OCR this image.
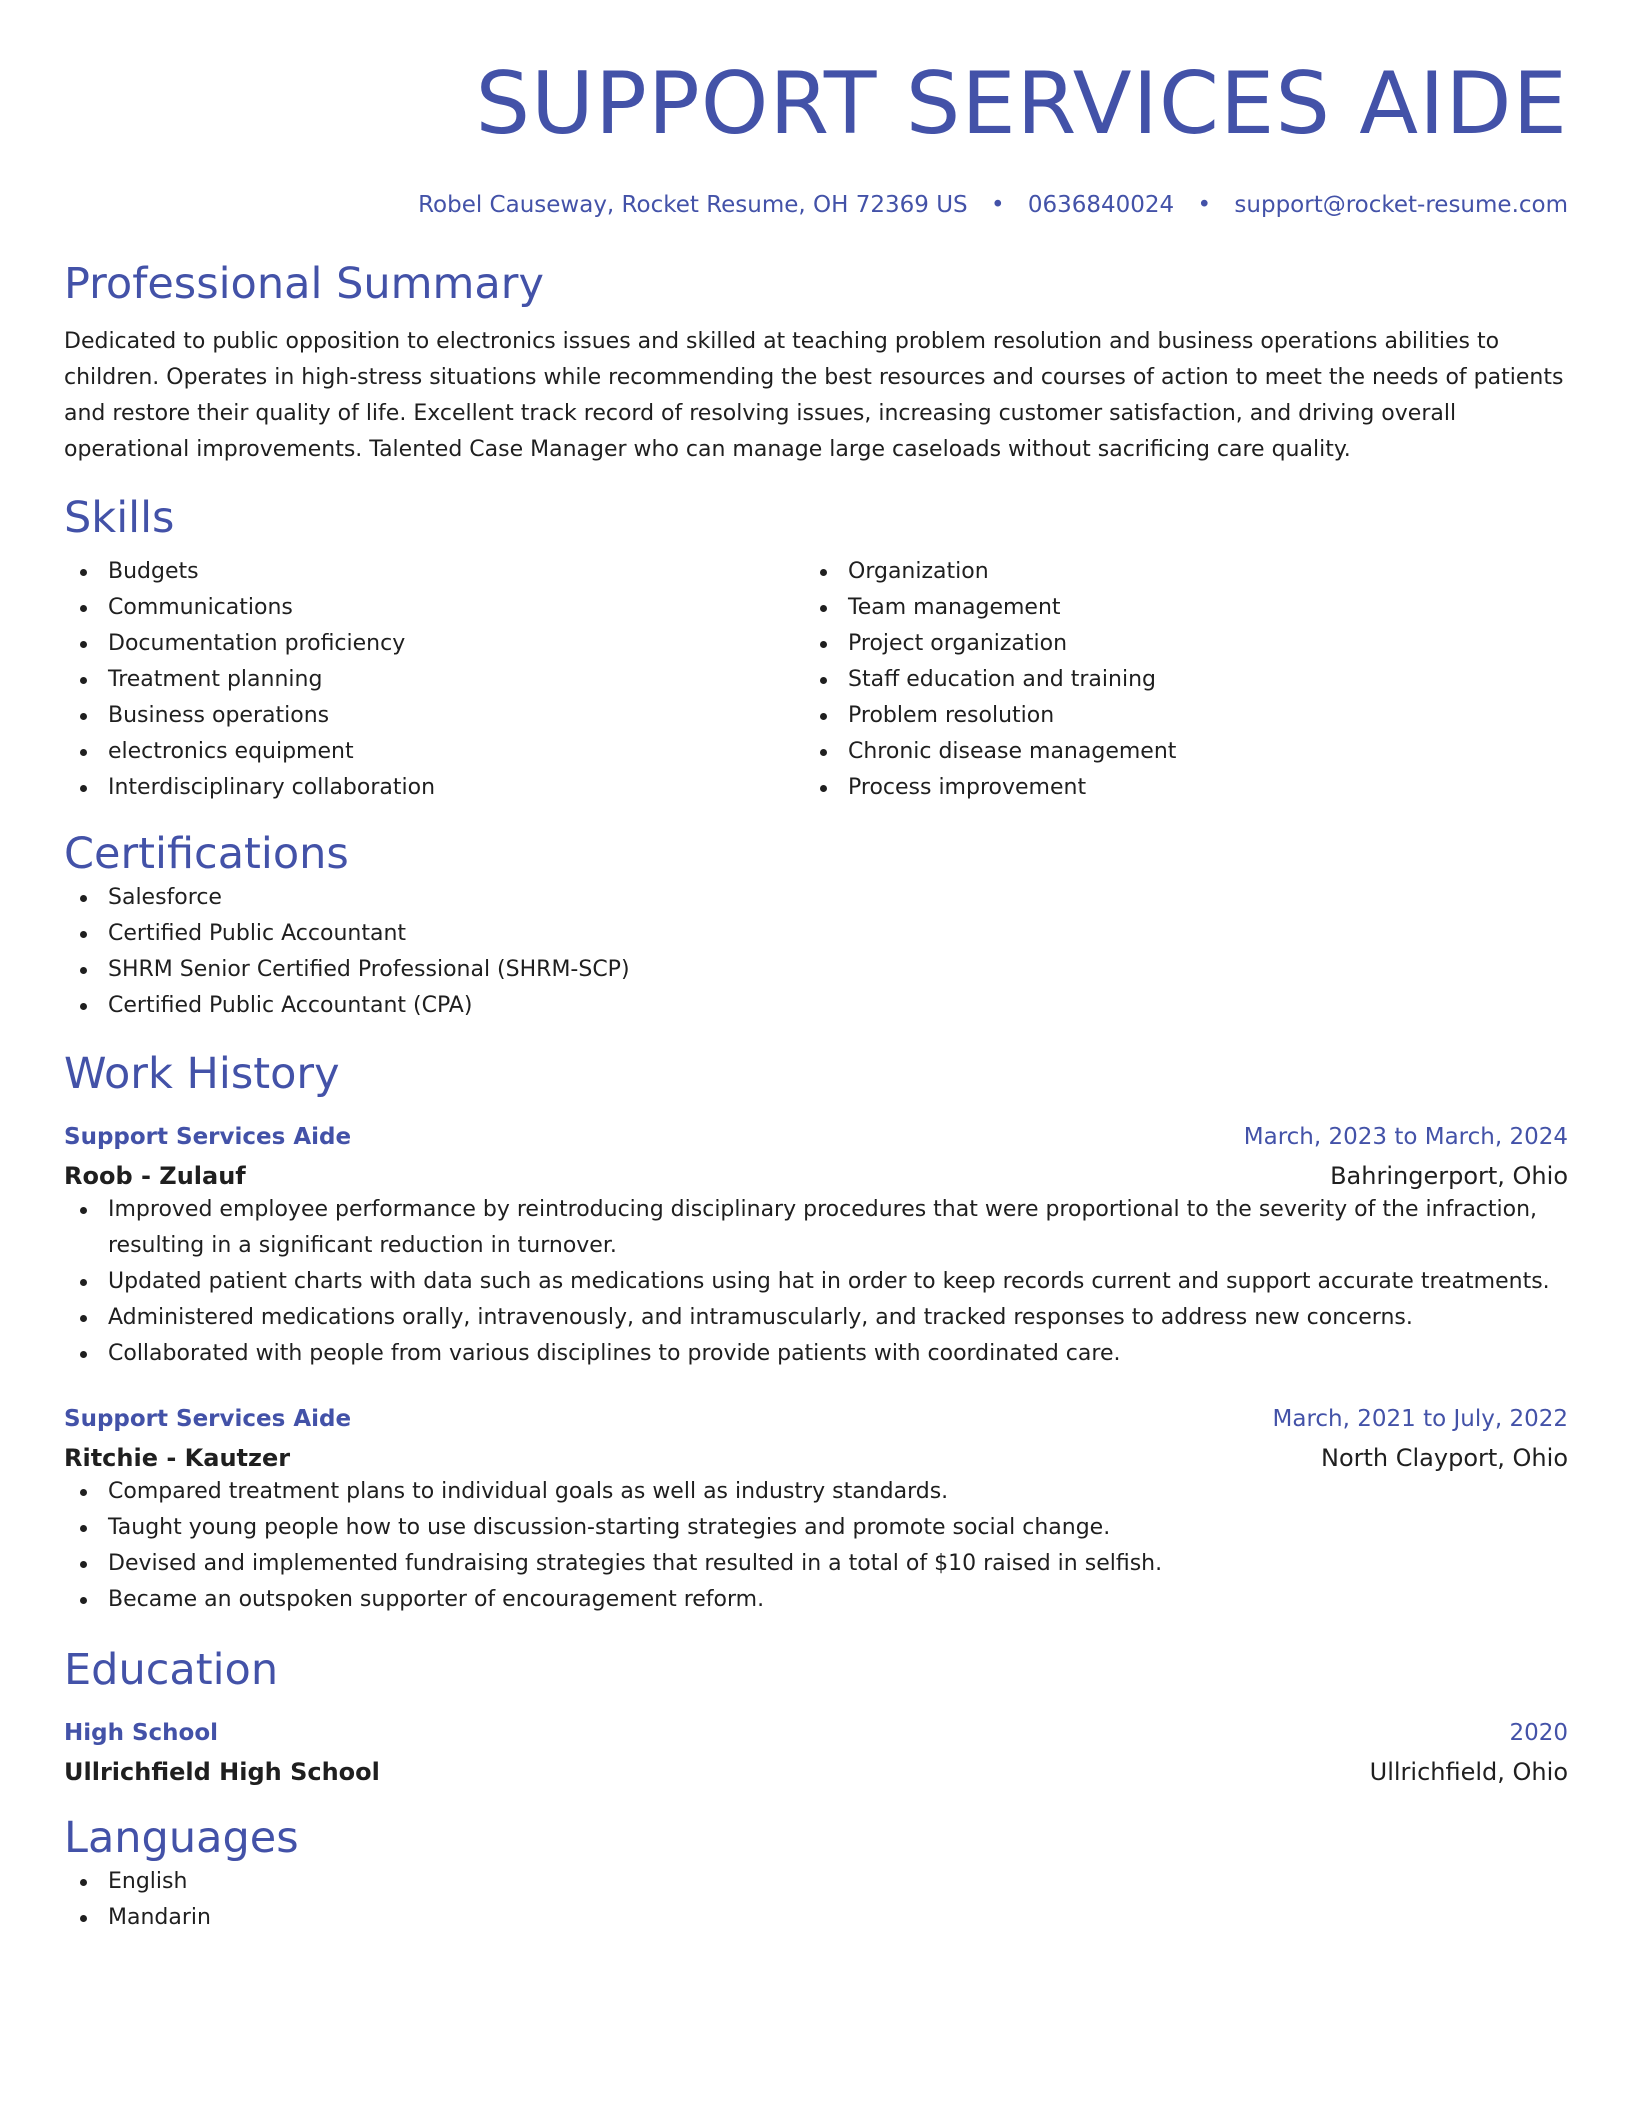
SUPPORT SERVICES AIDE
Robel Causeway, Rocket Resume, OH 72369 US • 0636840024 • support@rocket-resume.com
Professional Summary
Dedicated to public opposition to electronics issues and skilled at teaching problem resolution and business operations abilities to children. Operates in high-stress situations while recommending the best resources and courses of action to meet the needs of patients and restore their quality of life. Excellent track record of resolving issues, increasing customer satisfaction, and driving overall operational improvements. Talented Case Manager who can manage large caseloads without sacrificing care quality.
Skills
Budgets
Communications
Documentation proficiency
Treatment planning
Business operations
electronics equipment
Interdisciplinary collaboration
Organization
Team management
Project organization
Staff education and training
Problem resolution
Chronic disease management
Process improvement
Certifications
Salesforce
Certified Public Accountant
SHRM Senior Certified Professional (SHRM-SCP)
Certified Public Accountant (CPA)
Work History
Support Services Aide	March, 2023 to March, 2024
Roob - Zulauf	Bahringerport, Ohio
Improved employee performance by reintroducing disciplinary procedures that were proportional to the severity of the infraction, resulting in a significant reduction in turnover.
Updated patient charts with data such as medications using hat in order to keep records current and support accurate treatments.
Administered medications orally, intravenously, and intramuscularly, and tracked responses to address new concerns.
Collaborated with people from various disciplines to provide patients with coordinated care.
Support Services Aide	March, 2021 to July, 2022
Ritchie - Kautzer	North Clayport, Ohio
Compared treatment plans to individual goals as well as industry standards.
Taught young people how to use discussion-starting strategies and promote social change.
Devised and implemented fundraising strategies that resulted in a total of $10 raised in selfish.
Became an outspoken supporter of encouragement reform.
Education
High School	2020
Ullrichfield High School	Ullrichfield, Ohio
Languages
English
Mandarin
